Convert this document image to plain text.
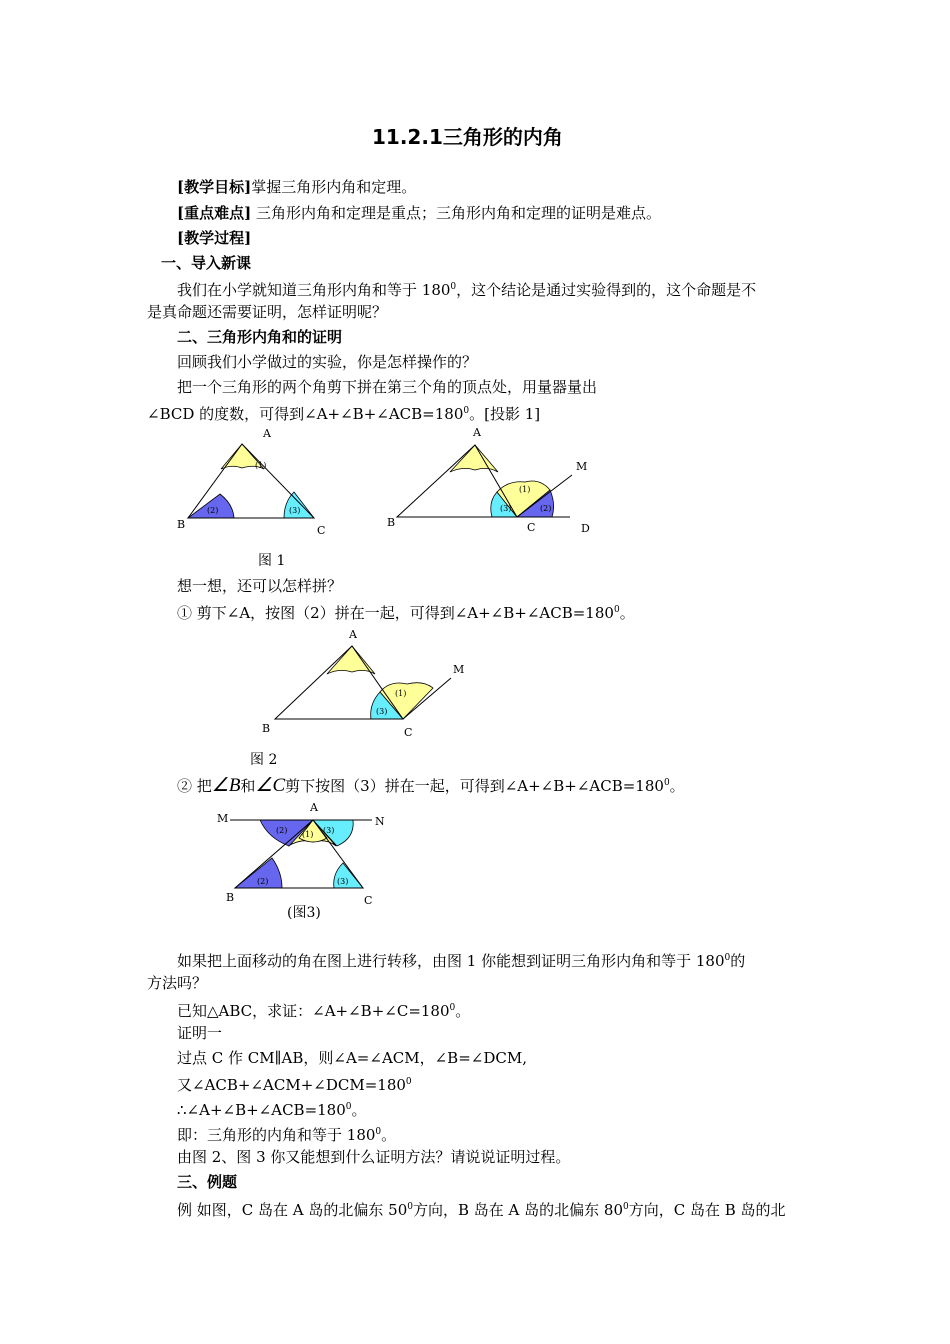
11.2.1三角形的内角
[教学目标]掌握三角形内角和定理。
[重点难点] 三角形内角和定理是重点；三角形内角和定理的证明是难点。
[教学过程]
一、导入新课
我们在小学就知道三角形内角和等于 $180^0$，这个结论是通过实验得到的，这个命题是不
是真命题还需要证明，怎样证明呢？
二、三角形内角和的证明
回顾我们小学做过的实验，你是怎样操作的？
把一个三角形的两个角剪下拼在第三个角的顶点处，用量器量出
∠BCD 的度数，可得到$\angle A+\angle B+\angle ACB=180^0$。[投影 1]
A
B	C
(1)
(2)	(3)
A
B	C	D
M
(1)
(2)
(3)
图 1
想一想，还可以怎样拼？
① 剪下∠A，按图（2）拼在一起，可得到$\angle A+\angle B+\angle ACB=180^0$。
A
B	C
M
(1)
(3)
图 2
② 把∠B和∠C剪下按图（3）拼在一起，可得到$\angle A+\angle B+\angle ACB=180^0$。
A
B	C
M	N
(1)
(2)	(3)
(2)	(3)
(图3)
如果把上面移动的角在图上进行转移，由图 1 你能想到证明三角形内角和等于 $180^0$的
方法吗？
已知△ABC，求证：$\angle A+\angle B+\angle C=180^0$。
证明一
过点 C 作 CM∥AB，则∠A=∠ACM，∠B=∠DCM,
又$\angle ACB+\angle ACM+\angle DCM=180^0$
$\therefore\angle A+\angle B+\angle ACB=180^0$。
即：三角形的内角和等于 $180^0$。
由图 2、图 3 你又能想到什么证明方法？请说说证明过程。
三、例题
例 如图，C 岛在 A 岛的北偏东 $50^0$方向，B 岛在 A 岛的北偏东 $80^0$方向，C 岛在 B 岛的北
